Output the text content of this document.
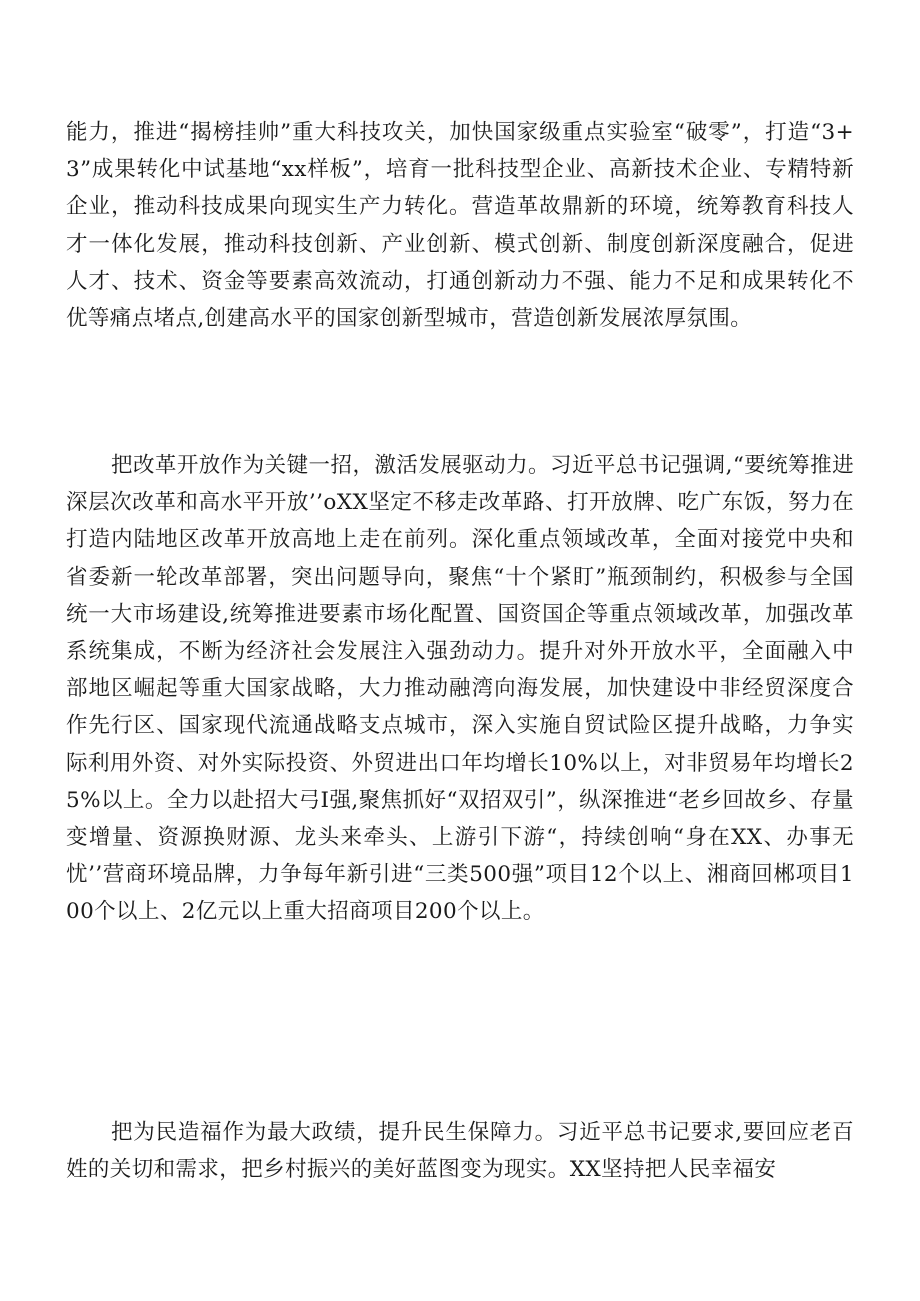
能力，推进“揭榜挂帅”重大科技攻关，加快国家级重点实验室“破零”，打造“3+3”成果转化中试基地“xx样板”，培育一批科技型企业、高新技术企业、专精特新企业，推动科技成果向现实生产力转化。营造革故鼎新的环境，统筹教育科技人才一体化发展，推动科技创新、产业创新、模式创新、制度创新深度融合，促进人才、技术、资金等要素高效流动，打通创新动力不强、能力不足和成果转化不优等痛点堵点,创建高水平的国家创新型城市，营造创新发展浓厚氛围。

把改革开放作为关键一招，激活发展驱动力。习近平总书记强调,“要统筹推进深层次改革和高水平开放’’oXX坚定不移走改革路、打开放牌、吃广东饭，努力在打造内陆地区改革开放高地上走在前列。深化重点领域改革，全面对接党中央和省委新一轮改革部署，突出问题导向，聚焦“十个紧盯”瓶颈制约，积极参与全国统一大市场建设,统筹推进要素市场化配置、国资国企等重点领域改革，加强改革系统集成，不断为经济社会发展注入强劲动力。提升对外开放水平，全面融入中部地区崛起等重大国家战略，大力推动融湾向海发展，加快建设中非经贸深度合作先行区、国家现代流通战略支点城市，深入实施自贸试险区提升战略，力争实际利用外资、对外实际投资、外贸进出口年均增长10%以上，对非贸易年均增长25%以上。全力以赴招大弓I强,聚焦抓好“双招双引”，纵深推进“老乡回故乡、存量变增量、资源换财源、龙头来牵头、上游引下游“，持续创响“身在XX、办事无忧’’营商环境品牌，力争每年新引进“三类500强”项目12个以上、湘商回郴项目100个以上、2亿元以上重大招商项目200个以上。

把为民造福作为最大政绩，提升民生保障力。习近平总书记要求,要回应老百姓的关切和需求，把乡村振兴的美好蓝图变为现实。XX坚持把人民幸福安
